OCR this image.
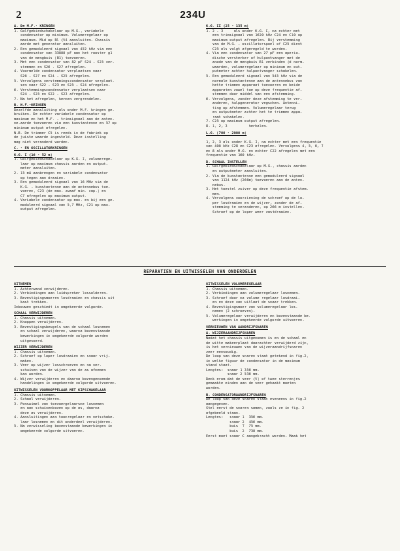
2	234U
A. De M.F.- KRINGEN
1. Golfgebiedschakelaar op M.G., variabele
condensator op minimum. Volumeregelaar op
maximum. Mid op Bl (V4 aansluiten. Chassis
aarde met generator aansluiten.
2. Een gemoduleerd signaal van 452 kHz via een
condensator van 33000 pF aan het rooster g1
van de mengbuis (B1) toevoeren.
3. Met een condensator van 82 pF S24 - S25 ver-
stemmen en S26 - S27 afregelen.
4. Voormelde condensator verplaatsen naar
S26 - S27 en S24 - S25 afregelen.
5. Vervolgens verstemmingscondensator verplaat-
sen naar S22 - S23 en S25 - S24 afregelen.
6. Verstemmingscondensator verplaatsen naar
S24 - S25 en S22 - S23 afregelen.
7. Na het afregelen, kernen vergrendelen.
B. H.F.-KRINGEN
Dezelfde aansluiting als onder M.F. kringen ge-
bruiken. De echter variabele condensator op
maximum en het M.F. - trimsignaal aan de anten-
ne-aarde toevoeren via een kunstantenne en 57 op
minimum output afregelen.
N.B. De trimmer C5 is reeds in de fabriek op
de juiste waarde ingesteld. Deze instelling
mag niet veranderd worden.
C. - EN OSCILLATORKRINGEN
K.G. I (16 - 52 m)
1. Golfgebiedschakelaar op K.G. I, volumerege-
laar op maximum chassis aarden en output-
meter aansluiten.
2. 15 mA aanbrengen en variabele condensator
op tegen aan draaien.
3. Een gemoduleerd signaal van 16 MHz via de
K.G. - kunstantenne aan de antennebus toe-
voeren, C23 (de max. zwaaf min. cap.) en
C7 afregelen op maximum output.
4. Variabele condensator op max. en bij een ge-
moduleerd signaal van 5,7 MHz, C21 op max.
output afregelen.
K.G. II (25 - 135 m)
1. 2 - 3     als onder K.G. I, na echter met
een trimsignaal van 1620 kHz C24 en C10 op
maximum output afregelen. Bij verstemming
van de M.G. - oscillatorspoel of C25 dient
C25 als volgt afgeregeld te worden.
4. Via een condensator van 27 pF een aperio-
dische versterker of hulpontvanger met de
anode van de mengbuis B1 verbinden (d norm-
waarden, volumeregelaar op minimum en out-
putmeter achter hulpontvanger schakelen.
5. Een gemoduleerd signaal van 545 kHz via de
normale kunstantenne aan de antennebus van
hette trimmen apparaat toevoeren en beide
apparaten zowel toe op deze frequentie af-
stemmen door middel van een afstemming.
6. Vervolgens, zonder deze afstemming te ver-
anderen, hulpgenerator vegschen. Antenni-
ting op afstemmen. Volumeregelaar terug
en outputmeter achter het te trimmen appa-
raat schakelen.
7. C25 op maximum output afregelen.
8. 1, 2, 3          herhalen.
L.G. (700 - 2000 m)

1, 2, 3 als onder K.G. I, na echter met een frequentie
van 400 kHz C28 en C23 afregelen. Vervolgens 4, 5, 6, 7
en 8 als onder M.G. en echter C22 afregelen met een
frequentie van 160 kHz.
D. SCHAAL INSTELLEN
1. Golfgebiedschakelaar op M.G., chassis aarden
en outputmeter aansluiten.
2. Via de kunstantenne een gemoduleerd signaal
van 1124 kHz (266m) toevoeren aan de anten-
nebus.
3. Het toestel zuiver op deze frequentie afstem-
men.
4. Vervolgens voorziening de schroef op de lo-
per losdraaien en de wijzer, zonder de af-
stemming te veranderen, op 266 m instellen.
Schroef op de loper weer vastdraaien.
REPARATIEN EN UITWISSELEN VAN ONDERDELEN
UITNEMEN
1. Achterwand verwijderen.
2. Verbindingen aan luidspreker lossolderen.
3. Bevestigingsmoeren losdraaien en chassis uit
kast trekken.
Inbouwen geschiedt in omgekeerde volgorde.
SCHAAL VERWIJDEREN
1. Chassis uitnemen.
2. Knoppen verwijderen.
3. Bevestigingsbeugels van de schaal losnemen
en schaal verwijderen, waarna bovenstaande
bewerkingen in omgekeerde volgorde worden
uitgevoerd.
WIJZER VERWIJDEREN
1. Chassis uitnemen.
2. Schroef op loper losdraaien en snaar vrij-
maken.
3. Veer op wijzer losschroeven en na ver-
schuiven van de wijzer van de as afnemen
kan worden.
4. Wijzer verwijderen en daarna bovengenoemde
handelingen in omgekeerde volgorde uitvoeren.
UITWISSELEN VOORKOPPELAAR MET KIPSCHAKELAAR
1. Chassis uitnemen.
2. Schaal verwijderen.
3. Ponswimel van toevoergelaarsne losnemen
en aan schuivenboven op de as, daarna
deze as verwijderen.
4. Aansluitingen aan toonregelaar en netschake-
laar losnemen en dit onderdeel verwijderen.
5. Na verwisseling bovenstaande bewerkingen in
omgekeerde volgorde uitvoeren.
UITWISSELEN VOLUMEREGELAAR
1. Chassis uitnemen.
2. Verbindingen aan volumeregelaar losnemen.
3. Schroef door na volume regelaar losdraai-
en en deze van uitlaat de snaar trekken.
4. Bevestigingsmoer van volumeregelaar los-
nemen (2 schroeven).
5. Volumeregelaar verwijderen en bovenstaande be-
werkingen in omgekeerde volgorde uitvoeren.
VERNIEUWEN VAN AANDRIJFSNAREN
A. WIJZERAANDRIJFSNAREN
Nadat het chassis uitgenomen is en de schaal en
de witte makeerplaat daarachter verwijderd zijn,
is het vernieuwen van de wijzeraandrijfsnaren
zeer eenvoudig.
De loop van deze snaren staat getekend in fig.2,
in welke figuur de condensator in de maximum
stand staat.
Lengtes:  snaar 1 356 mm.
snaar 2 536 mm.
Denk erom dat de veer (V) of twee sterrenjes
gemaakte einden aan de veer gehaakt moeten
worden.
B. CONDENSATORAANDRIJFSNAREN
De loop van deze snaren staat eveneens in fig.2
aangegeven.
Stel eerst de snaren samen, zoals ze in fig. 2
afgebeeld staan.
Lengtes:   snaar 1  356 mm.
snaar 2  456 mm.
buis  T  75 mm.
buis  2  730 mm.
Eerst moet snaar C aangebracht worden. Maak het
